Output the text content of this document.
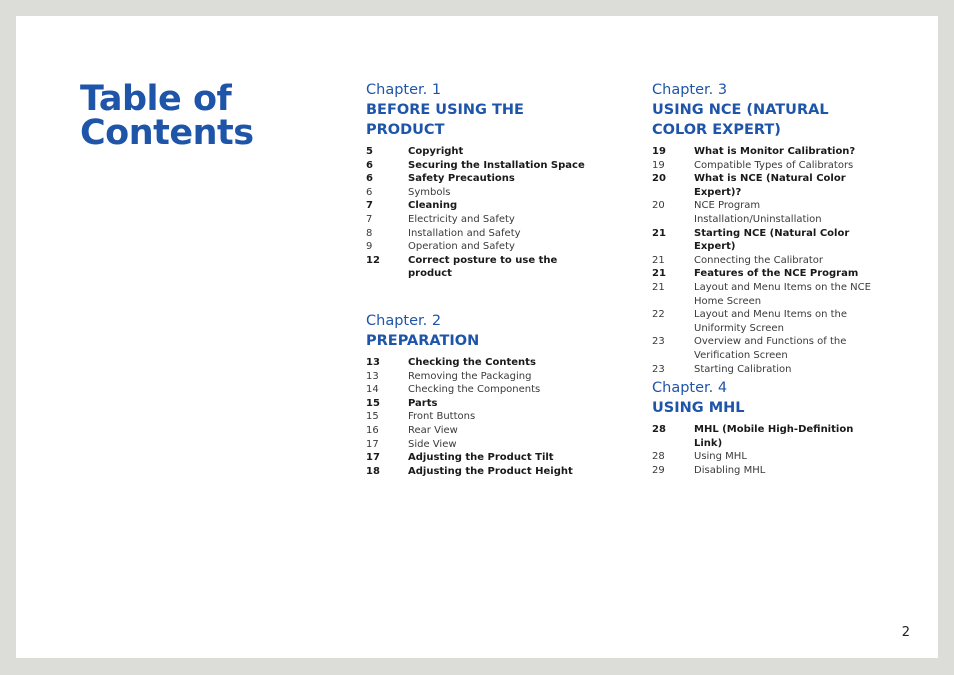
Table of
Contents
Chapter. 1
BEFORE USING THE
PRODUCT
5	Copyright
6	Securing the Installation Space
6	Safety Precautions
6	Symbols
7	Cleaning
7	Electricity and Safety
8	Installation and Safety
9	Operation and Safety
12	Correct posture to use the product
Chapter. 2
PREPARATION
13	Checking the Contents
13	Removing the Packaging
14	Checking the Components
15	Parts
15	Front Buttons
16	Rear View
17	Side View
17	Adjusting the Product Tilt
18	Adjusting the Product Height
Chapter. 3
USING NCE (NATURAL
COLOR EXPERT)
19	What is Monitor Calibration?
19	Compatible Types of Calibrators
20	What is NCE (Natural Color Expert)?
20	NCE Program Installation/Uninstallation
21	Starting NCE (Natural Color Expert)
21	Connecting the Calibrator
21	Features of the NCE Program
21	Layout and Menu Items on the NCE Home Screen
22	Layout and Menu Items on the Uniformity Screen
23	Overview and Functions of the Verification Screen
23	Starting Calibration
Chapter. 4
USING MHL
28	MHL (Mobile High-Definition Link)
28	Using MHL
29	Disabling MHL
2
